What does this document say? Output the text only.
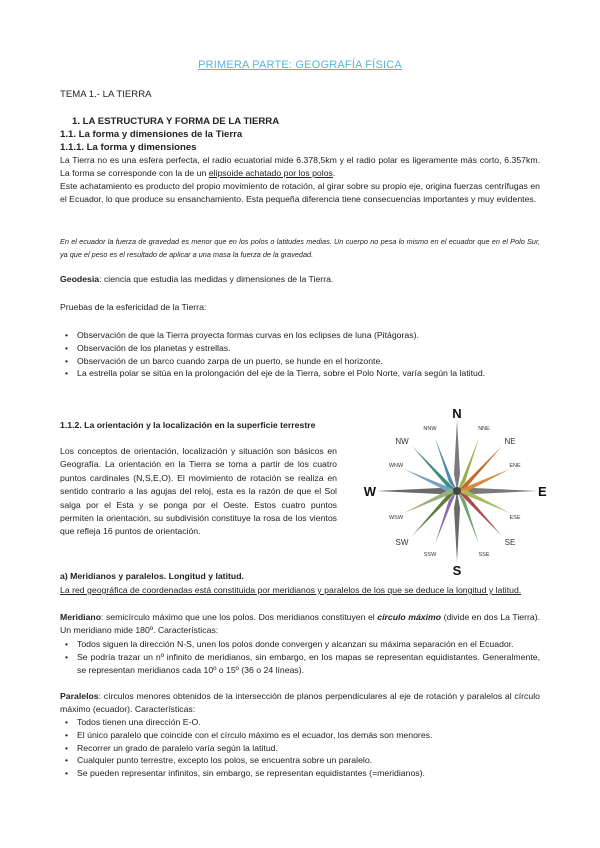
PRIMERA PARTE: GEOGRAFÍA FÍSICA
TEMA 1.- LA TIERRA
1. LA ESTRUCTURA Y FORMA DE LA TIERRA
1.1. La forma y dimensiones de la Tierra
1.1.1. La forma y dimensiones
La Tierra no es una esfera perfecta, el radio ecuatorial mide 6.378,5km y el radio polar es ligeramente más corto, 6.357km. La forma se corresponde con la de un elipsoide achatado por los polos.
Este achatamiento es producto del propio movimiento de rotación, al girar sobre su propio eje, origina fuerzas centrífugas en el Ecuador, lo que produce su ensanchamiento. Esta pequeña diferencia tiene consecuencias importantes y muy evidentes.
En el ecuador la fuerza de gravedad es menor que en los polos o latitudes medias. Un cuerpo no pesa lo mismo en el ecuador que en el Polo Sur, ya que el peso es el resultado de aplicar a una masa la fuerza de la gravedad.
Geodesia: ciencia que estudia las medidas y dimensiones de la Tierra.
Pruebas de la esfericidad de la Tierra:
• Observación de que la Tierra proyecta formas curvas en los eclipses de luna (Pitágoras).
• Observación de los planetas y estrellas.
• Observación de un barco cuando zarpa de un puerto, se hunde en el horizonte.
• La estrella polar se sitúa en la prolongación del eje de la Tierra, sobre el Polo Norte, varía según la latitud.
1.1.2. La orientación y la localización en la superficie terrestre
Los conceptos de orientación, localización y situación son básicos en Geografía. La orientación en la Tierra se toma a partir de los cuatro puntos cardinales (N,S,E,O). El movimiento de rotación se realiza en sentido contrario a las agujas del reloj, esta es la razón de que el Sol salga por el Esta y se ponga por el Oeste. Estos cuatro puntos permiten la orientación, su subdivisión constituye la rosa de los vientos que refleja 16 puntos de orientación.
N
S
E
W
NE
NW
SE
SW
NNE
NNW
ENE
ESE
SSE
SSW
WNW
WSW
a) Meridianos y paralelos. Longitud y latitud.
La red geográfica de coordenadas está constituida por meridianos y paralelos de los que se deduce la longitud y latitud.
Meridiano: semicírculo máximo que une los polos. Dos meridianos constituyen el círculo máximo (divide en dos La Tierra). Un meridiano mide 180º. Características:
• Todos siguen la dirección N-S, unen los polos donde convergen y alcanzan su máxima separación en el Ecuador.
• Se podría trazar un nº infinito de meridianos, sin embargo, en los mapas se representan equidistantes. Generalmente, se representan meridianos cada 10º o 15º (36 o 24 líneas).
Paralelos: círculos menores obtenidos de la intersección de planos perpendiculares al eje de rotación y paralelos al círculo máximo (ecuador). Características:
• Todos tienen una dirección E-O.
• El único paralelo que coincide con el círculo máximo es el ecuador, los demás son menores.
• Recorrer un grado de paralelo varía según la latitud.
• Cualquier punto terrestre, excepto los polos, se encuentra sobre un paralelo.
• Se pueden representar infinitos, sin embargo, se representan equidistantes (=meridianos).
